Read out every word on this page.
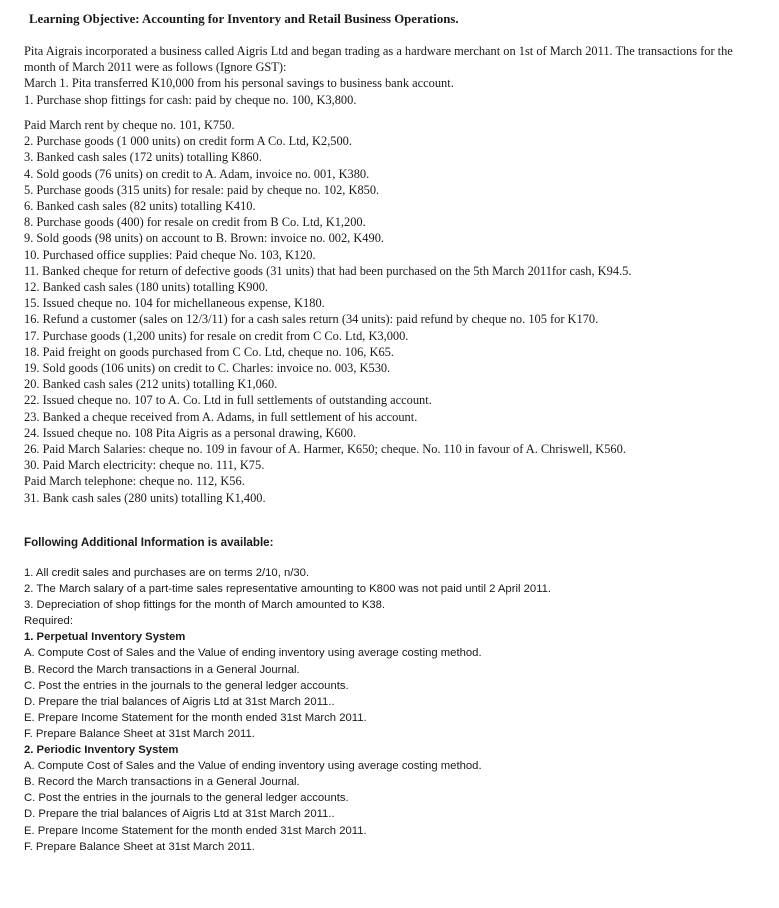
Learning Objective: Accounting for Inventory and Retail Business Operations.
Pita Aigrais incorporated a business called Aigris Ltd and began trading as a hardware merchant on 1st of March 2011. The transactions for the month of March 2011 were as follows (Ignore GST):
March 1. Pita transferred K10,000 from his personal savings to business bank account.
1. Purchase shop fittings for cash: paid by cheque no. 100, K3,800.
Paid March rent by cheque no. 101, K750.
2. Purchase goods (1 000 units) on credit form A Co. Ltd, K2,500.
3. Banked cash sales (172 units) totalling K860.
4. Sold goods (76 units) on credit to A. Adam, invoice no. 001, K380.
5. Purchase goods (315 units) for resale: paid by cheque no. 102, K850.
6. Banked cash sales (82 units) totalling K410.
8. Purchase goods (400) for resale on credit from B Co. Ltd, K1,200.
9. Sold goods (98 units) on account to B. Brown: invoice no. 002, K490.
10. Purchased office supplies: Paid cheque No. 103, K120.
11. Banked cheque for return of defective goods (31 units) that had been purchased on the 5th March 2011for cash, K94.5.
12. Banked cash sales (180 units) totalling K900.
15. Issued cheque no. 104 for michellaneous expense, K180.
16. Refund a customer (sales on 12/3/11) for a cash sales return (34 units): paid refund by cheque no. 105 for K170.
17. Purchase goods (1,200 units) for resale on credit from C Co. Ltd, K3,000.
18. Paid freight on goods purchased from C Co. Ltd, cheque no. 106, K65.
19. Sold goods (106 units) on credit to C. Charles: invoice no. 003, K530.
20. Banked cash sales (212 units) totalling K1,060.
22. Issued cheque no. 107 to A. Co. Ltd in full settlements of outstanding account.
23. Banked a cheque received from A. Adams, in full settlement of his account.
24. Issued cheque no. 108 Pita Aigris as a personal drawing, K600.
26. Paid March Salaries: cheque no. 109 in favour of A. Harmer, K650; cheque. No. 110 in favour of A. Chriswell, K560.
30. Paid March electricity: cheque no. 111, K75.
Paid March telephone: cheque no. 112, K56.
31. Bank cash sales (280 units) totalling K1,400.
Following Additional Information is available:
1. All credit sales and purchases are on terms 2/10, n/30.
2. The March salary of a part-time sales representative amounting to K800 was not paid until 2 April 2011.
3. Depreciation of shop fittings for the month of March amounted to K38.
Required:
1. Perpetual Inventory System
A. Compute Cost of Sales and the Value of ending inventory using average costing method.
B. Record the March transactions in a General Journal.
C. Post the entries in the journals to the general ledger accounts.
D. Prepare the trial balances of Aigris Ltd at 31st March 2011..
E. Prepare Income Statement for the month ended 31st March 2011.
F. Prepare Balance Sheet at 31st March 2011.
2. Periodic Inventory System
A. Compute Cost of Sales and the Value of ending inventory using average costing method.
B. Record the March transactions in a General Journal.
C. Post the entries in the journals to the general ledger accounts.
D. Prepare the trial balances of Aigris Ltd at 31st March 2011..
E. Prepare Income Statement for the month ended 31st March 2011.
F. Prepare Balance Sheet at 31st March 2011.
